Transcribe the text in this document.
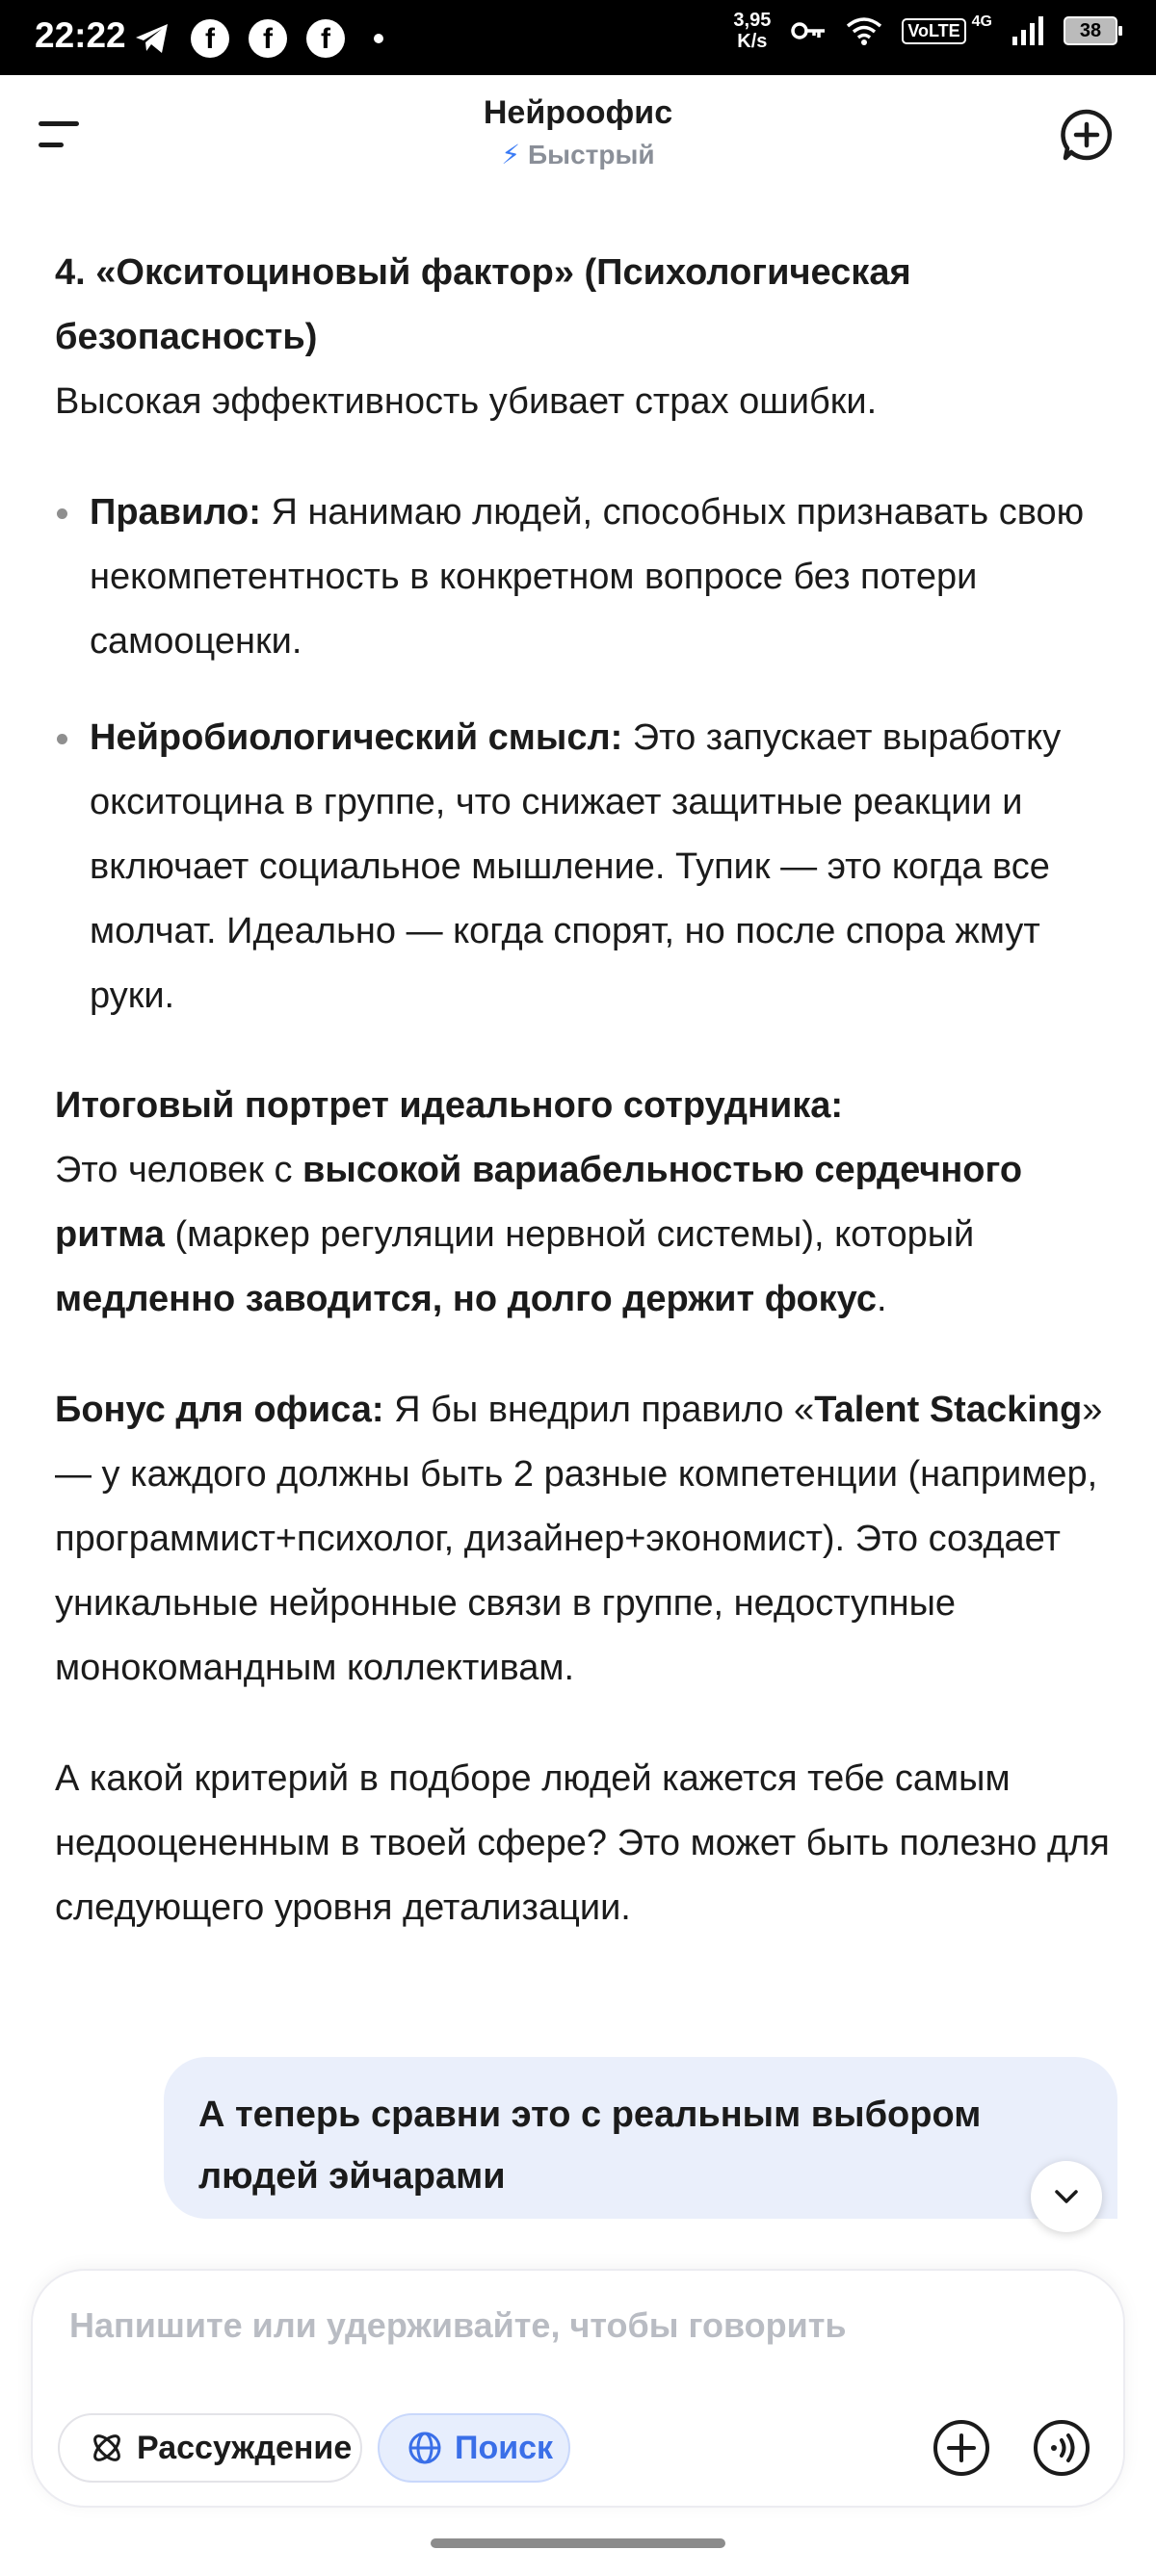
22:22	f	f	f
3,95
K/s
VoLTE 4G	38
Нейроофис
⚡ Быстрый

4. «Окситоциновый фактор» (Психологическая безопасность)

Высокая эффективность убивает страх ошибки.

Правило: Я нанимаю людей, способных признавать свою некомпетентность в конкретном вопросе без потери самооценки.
Нейробиологический смысл: Это запускает выработку окситоцина в группе, что снижает защитные реакции и включает социальное мышление. Тупик — это когда все молчат. Идеально — когда спорят, но после спора жмут руки.

Итоговый портрет идеального сотрудника:

Это человек с высокой вариабельностью сердечного ритма (маркер регуляции нервной системы), который медленно заводится, но долго держит фокус.

Бонус для офиса: Я бы внедрил правило «Talent Stacking» — у каждого должны быть 2 разные компетенции (например, программист+психолог, дизайнер+экономист). Это создает уникальные нейронные связи в группе, недоступные монокомандным коллективам.

А какой критерий в подборе людей кажется тебе самым недооцененным в твоей сфере? Это может быть полезно для следующего уровня детализации.

А теперь сравни это с реальным выбором людей эйчарами
Напишите или удерживайте, чтобы говорить
Рассуждение	Поиск
